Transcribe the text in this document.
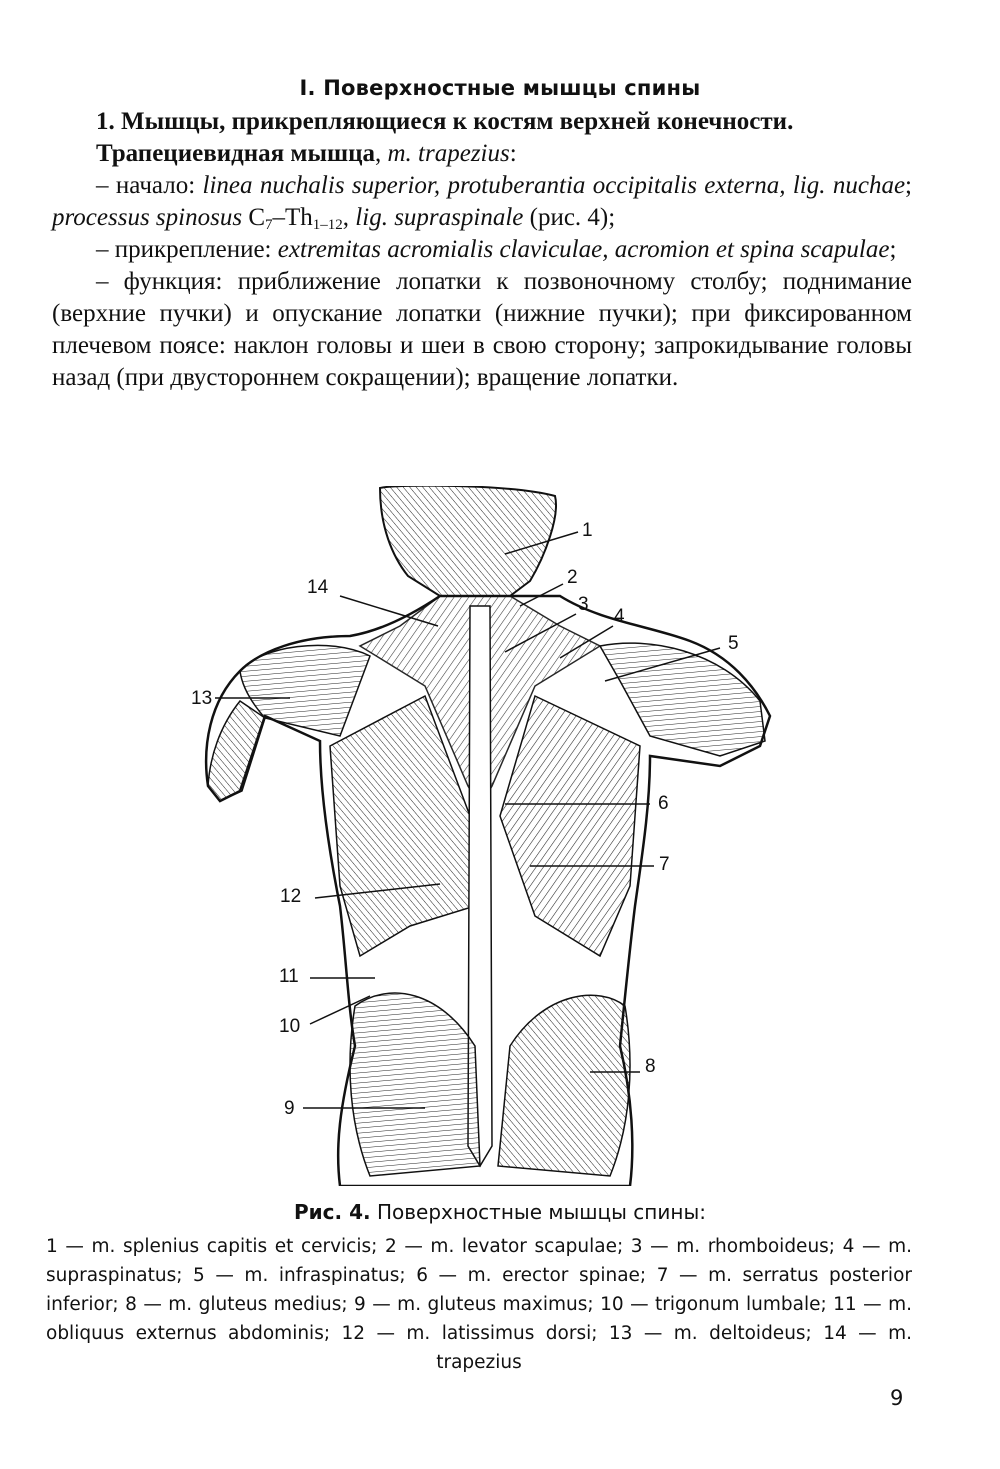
I. Поверхностные мышцы спины

1. Мышцы, прикрепляющиеся к костям верхней конечности.

Трапециевидная мышца, m. trapezius:

– начало: linea nuchalis superior, protuberantia occipitalis externa, lig. nuchae; processus spinosus $C_7-Th_{1-12}$, lig. supraspinale (рис. 4);

– прикрепление: extremitas acromialis claviculae, acromion et spina scapulae;

– функция: приближение лопатки к позвоночному столбу; поднимание (верхние пучки) и опускание лопатки (нижние пучки); при фиксированном плечевом поясе: наклон головы и шеи в свою сторону; запрокидывание головы назад (при двустороннем сокращении); вращение лопатки.

1
2
3
4
5
6
7
8
9
10
11
12
13
14
Рис. 4. Поверхностные мышцы спины:
1 — m. splenius capitis et cervicis; 2 — m. levator scapulae; 3 — m. rhomboideus; 4 — m. supraspinatus; 5 — m. infraspinatus; 6 — m. erector spinae; 7 — m. serratus posterior inferior; 8 — m. gluteus medius; 9 — m. gluteus maximus; 10 — trigonum lumbale; 11 — m. obliquus externus abdominis; 12 — m. latissimus dorsi; 13 — m. deltoideus; 14 — m. trapezius
9
